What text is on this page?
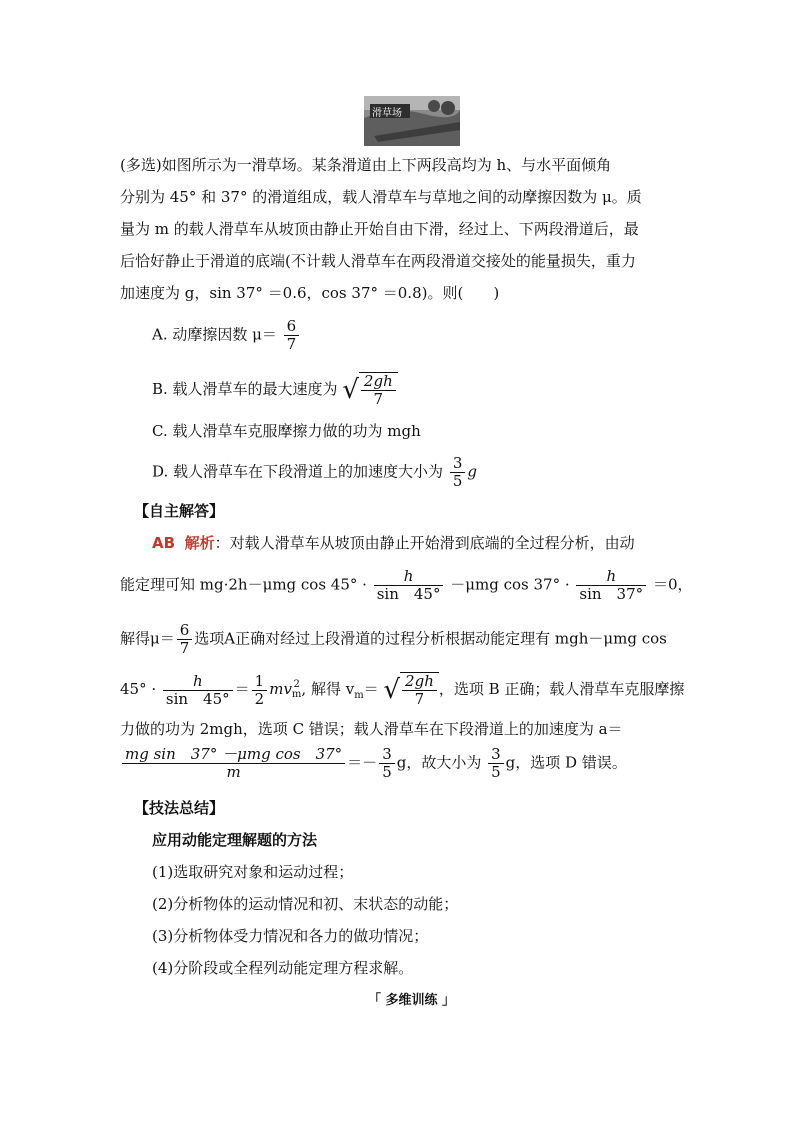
滑草场
(多选)如图所示为一滑草场。某条滑道由上下两段高均为 h、与水平面倾角
分别为 45° 和 37° 的滑道组成，载人滑草车与草地之间的动摩擦因数为 μ。质
量为 m 的载人滑草车从坡顶由静止开始自由下滑，经过上、下两段滑道后，最
后恰好静止于滑道的底端(不计载人滑草车在两段滑道交接处的能量损失，重力
加速度为 g，sin 37° ＝0.6，cos 37° ＝0.8)。则(　　)
A. 动摩擦因数 $\mu= \frac{6}{7}$
B. 载人滑草车的最大速度为 √ $\frac{2gh}{7}$
C. 载人滑草车克服摩擦力做的功为 mgh
D. 载人滑草车在下段滑道上的加速度大小为 $\frac{3}{5}$ g
【自主解答】
AB 解析：对载人滑草车从坡顶由静止开始滑到底端的全过程分析，由动
能定理可知 mg·2h－μmg $\cos 45^\circ \cdot \frac{h}{\sin 45^\circ} -\mu mg$ $\cos 37^\circ \cdot \frac{h}{\sin 37^\circ} =0$，
解得$\mu= \frac{6}{7}$ 选项A正确对经过上段滑道的过程分析根据动能定理有 mgh－μmg cos
$45^\circ \cdot \frac{h}{\sin 45^\circ} = \frac{1}{2}$ mv 2
m , 解得 $v_m=$ √ $\frac{2gh}{7}$ ，选项 B 正确；载人滑草车克服摩擦
力做的功为 2mgh，选项 C 错误；载人滑草车在下段滑道上的加速度为 a＝
$\frac{\text{mg sin　37° －μmg cos　37°}}{m} =- \frac{3}{5}$ g，故大小为 $\frac{3}{5}$ g，选项 D 错误。
【技法总结】
应用动能定理解题的方法
(1)选取研究对象和运动过程；
(2)分析物体的运动情况和初、末状态的动能；
(3)分析物体受力情况和各力的做功情况；
(4)分阶段或全程列动能定理方程求解。
「 多维训练 」
